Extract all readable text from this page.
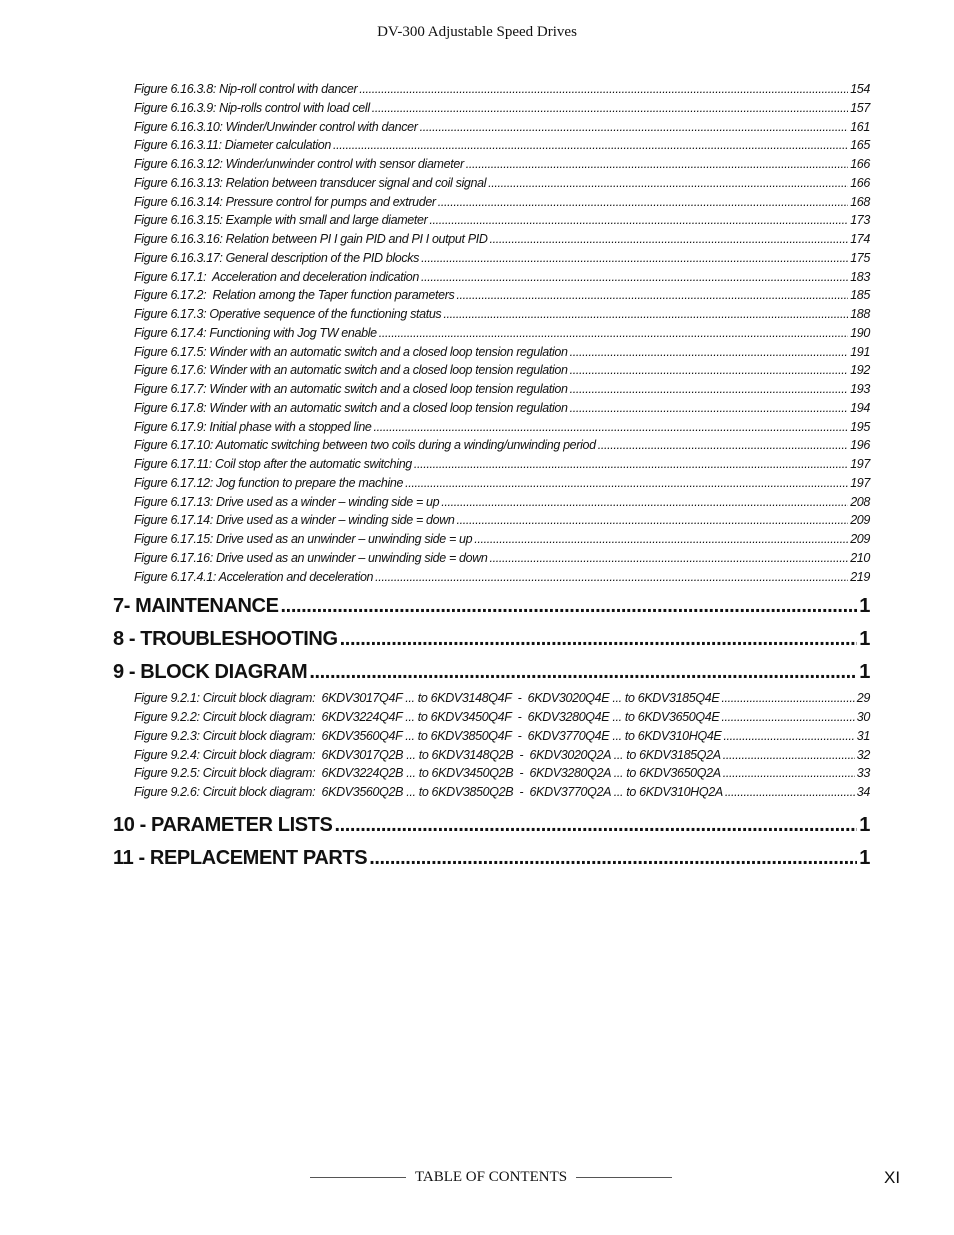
DV-300 Adjustable Speed Drives
Figure 6.16.3.8: Nip-roll control with dancer .....	154
Figure 6.16.3.9: Nip-rolls control with load cell .....	157
Figure 6.16.3.10: Winder/Unwinder control with dancer .....	161
Figure 6.16.3.11: Diameter calculation .....	165
Figure 6.16.3.12: Winder/unwinder control with sensor diameter .....	166
Figure 6.16.3.13: Relation between transducer signal and coil signal .....	166
Figure 6.16.3.14: Pressure control for pumps and extruder .....	168
Figure 6.16.3.15: Example with small and large diameter .....	173
Figure 6.16.3.16: Relation between PI I gain PID and PI I output PID .....	174
Figure 6.16.3.17: General description of the PID blocks .....	175
Figure 6.17.1:  Acceleration and deceleration indication .....	183
Figure 6.17.2:  Relation among the Taper function parameters .....	185
Figure 6.17.3: Operative sequence of the functioning status .....	188
Figure 6.17.4: Functioning with Jog TW enable .....	190
Figure 6.17.5: Winder with an automatic switch and a closed loop tension regulation .....	191
Figure 6.17.6: Winder with an automatic switch and a closed loop tension regulation .....	192
Figure 6.17.7: Winder with an automatic switch and a closed loop tension regulation .....	193
Figure 6.17.8: Winder with an automatic switch and a closed loop tension regulation .....	194
Figure 6.17.9: Initial phase with a stopped line .....	195
Figure 6.17.10: Automatic switching between two coils during a winding/unwinding period .....	196
Figure 6.17.11: Coil stop after the automatic switching .....	197
Figure 6.17.12: Jog function to prepare the machine .....	197
Figure 6.17.13: Drive used as a winder – winding side = up .....	208
Figure 6.17.14: Drive used as a winder – winding side = down .....	209
Figure 6.17.15: Drive used as an unwinder – unwinding side = up .....	209
Figure 6.17.16: Drive used as an unwinder – unwinding side = down .....	210
Figure 6.17.4.1: Acceleration and deceleration .....	219
7- MAINTENANCE .....	1
8 - TROUBLESHOOTING .....	1
9 - BLOCK DIAGRAM .....	1
Figure 9.2.1: Circuit block diagram:  6KDV3017Q4F ... to 6KDV3148Q4F  -  6KDV3020Q4E ... to 6KDV3185Q4E .....	29
Figure 9.2.2: Circuit block diagram:  6KDV3224Q4F ... to 6KDV3450Q4F  -  6KDV3280Q4E ... to 6KDV3650Q4E .....	30
Figure 9.2.3: Circuit block diagram:  6KDV3560Q4F ... to 6KDV3850Q4F  -  6KDV3770Q4E ... to 6KDV310HQ4E .....	31
Figure 9.2.4: Circuit block diagram:  6KDV3017Q2B ... to 6KDV3148Q2B  -  6KDV3020Q2A ... to 6KDV3185Q2A .....	32
Figure 9.2.5: Circuit block diagram:  6KDV3224Q2B ... to 6KDV3450Q2B  -  6KDV3280Q2A ... to 6KDV3650Q2A .....	33
Figure 9.2.6: Circuit block diagram:  6KDV3560Q2B ... to 6KDV3850Q2B  -  6KDV3770Q2A ... to 6KDV310HQ2A .....	34
10 - PARAMETER LISTS .....	1
11 - REPLACEMENT PARTS .....	1
TABLE OF CONTENTS	XI
